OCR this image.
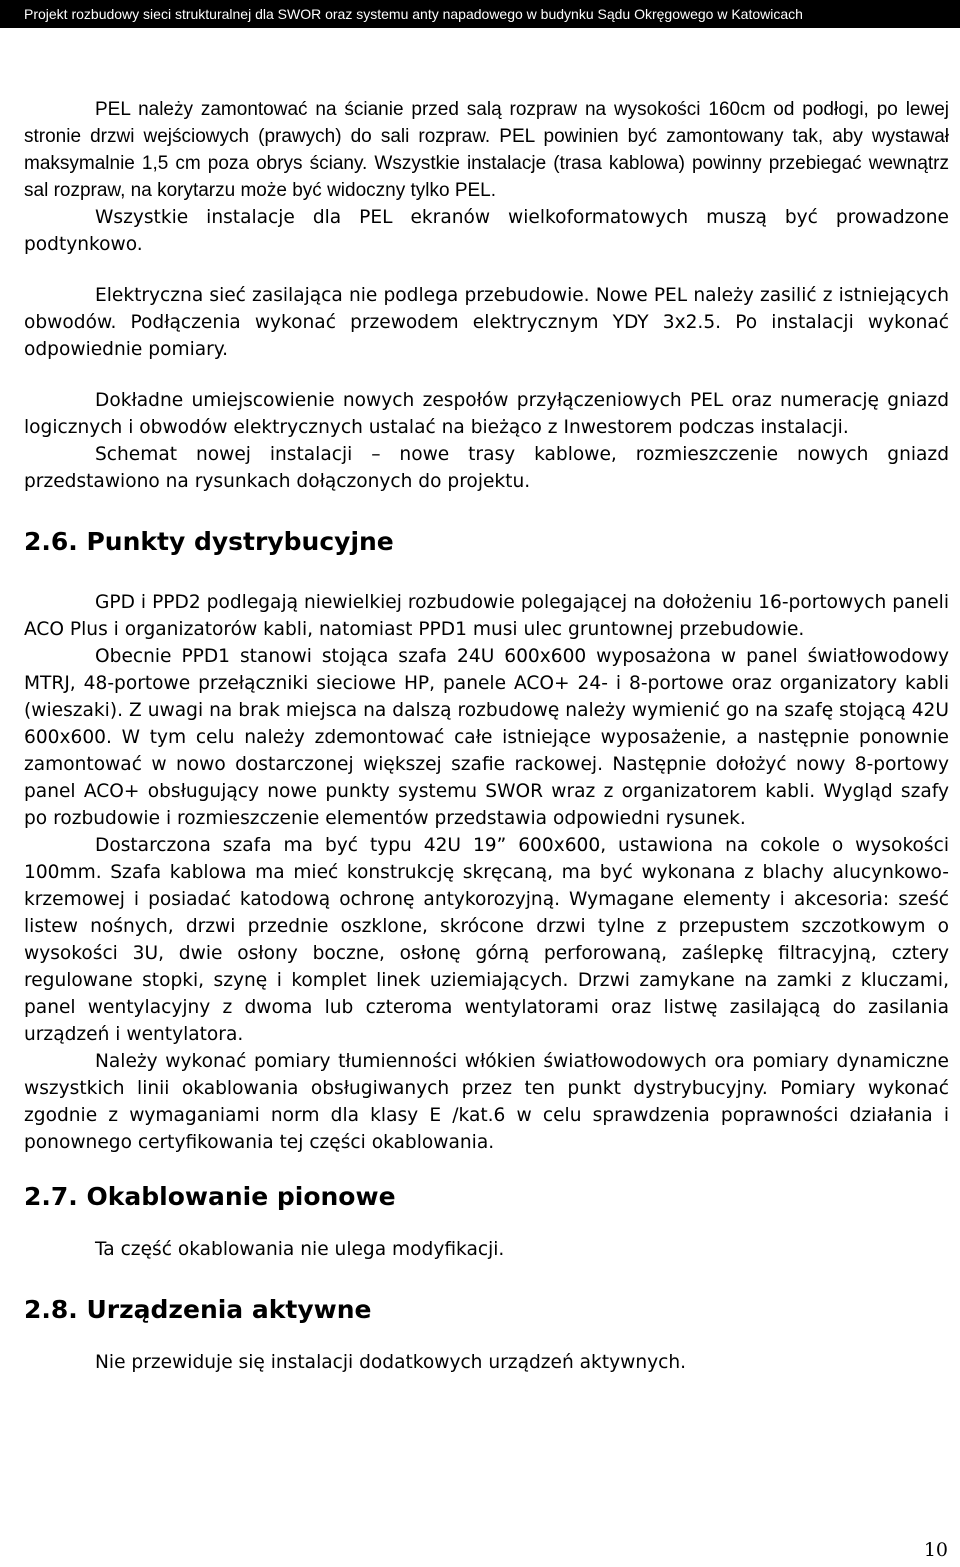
Projekt rozbudowy sieci strukturalnej dla SWOR oraz systemu anty napadowego w budynku Sądu Okręgowego w Katowicach

PEL należy zamontować na ścianie przed salą rozpraw na wysokości 160cm od podłogi, po lewej stronie drzwi wejściowych (prawych) do sali rozpraw. PEL powinien być zamontowany tak, aby wystawał maksymalnie 1,5 cm poza obrys ściany. Wszystkie instalacje (trasa kablowa) powinny przebiegać wewnątrz sal rozpraw, na korytarzu może być widoczny tylko PEL.

Wszystkie instalacje dla PEL ekranów wielkoformatowych muszą być prowadzone podtynkowo.

Elektryczna sieć zasilająca nie podlega przebudowie. Nowe PEL należy zasilić z istniejących obwodów. Podłączenia wykonać przewodem elektrycznym YDY 3x2.5. Po instalacji wykonać odpowiednie pomiary.

Dokładne umiejscowienie nowych zespołów przyłączeniowych PEL oraz numerację gniazd logicznych i obwodów elektrycznych ustalać na bieżąco z Inwestorem podczas instalacji.

Schemat nowej instalacji – nowe trasy kablowe, rozmieszczenie nowych gniazd przedstawiono na rysunkach dołączonych do projektu.

2.6. Punkty dystrybucyjne

GPD i PPD2 podlegają niewielkiej rozbudowie polegającej na dołożeniu 16-portowych paneli ACO Plus i organizatorów kabli, natomiast PPD1 musi ulec gruntownej przebudowie.

Obecnie PPD1 stanowi stojąca szafa 24U 600x600 wyposażona w panel światłowodowy MTRJ, 48-portowe przełączniki sieciowe HP, panele ACO+ 24- i 8-portowe oraz organizatory kabli (wieszaki). Z uwagi na brak miejsca na dalszą rozbudowę należy wymienić go na szafę stojącą 42U 600x600. W tym celu należy zdemontować całe istniejące wyposażenie, a następnie ponownie zamontować w nowo dostarczonej większej szafie rackowej. Następnie dołożyć nowy 8-portowy panel ACO+ obsługujący nowe punkty systemu SWOR wraz z organizatorem kabli. Wygląd szafy po rozbudowie i rozmieszczenie elementów przedstawia odpowiedni rysunek.

Dostarczona szafa ma być typu 42U 19” 600x600, ustawiona na cokole o wysokości 100mm. Szafa kablowa ma mieć konstrukcję skręcaną, ma być wykonana z blachy alucynkowo-krzemowej i posiadać katodową ochronę antykorozyjną. Wymagane elementy i akcesoria: sześć listew nośnych, drzwi przednie oszklone, skrócone drzwi tylne z przepustem szczotkowym o wysokości 3U, dwie osłony boczne, osłonę górną perforowaną, zaślepkę filtracyjną, cztery regulowane stopki, szynę i komplet linek uziemiających. Drzwi zamykane na zamki z kluczami, panel wentylacyjny z dwoma lub czteroma wentylatorami oraz listwę zasilającą do zasilania urządzeń i wentylatora.

Należy wykonać pomiary tłumienności włókien światłowodowych ora pomiary dynamiczne wszystkich linii okablowania obsługiwanych przez ten punkt dystrybucyjny. Pomiary wykonać zgodnie z wymaganiami norm dla klasy E /kat.6 w celu sprawdzenia poprawności działania i ponownego certyfikowania tej części okablowania.

2.7. Okablowanie pionowe

Ta część okablowania nie ulega modyfikacji.

2.8. Urządzenia aktywne

Nie przewiduje się instalacji dodatkowych urządzeń aktywnych.

10
